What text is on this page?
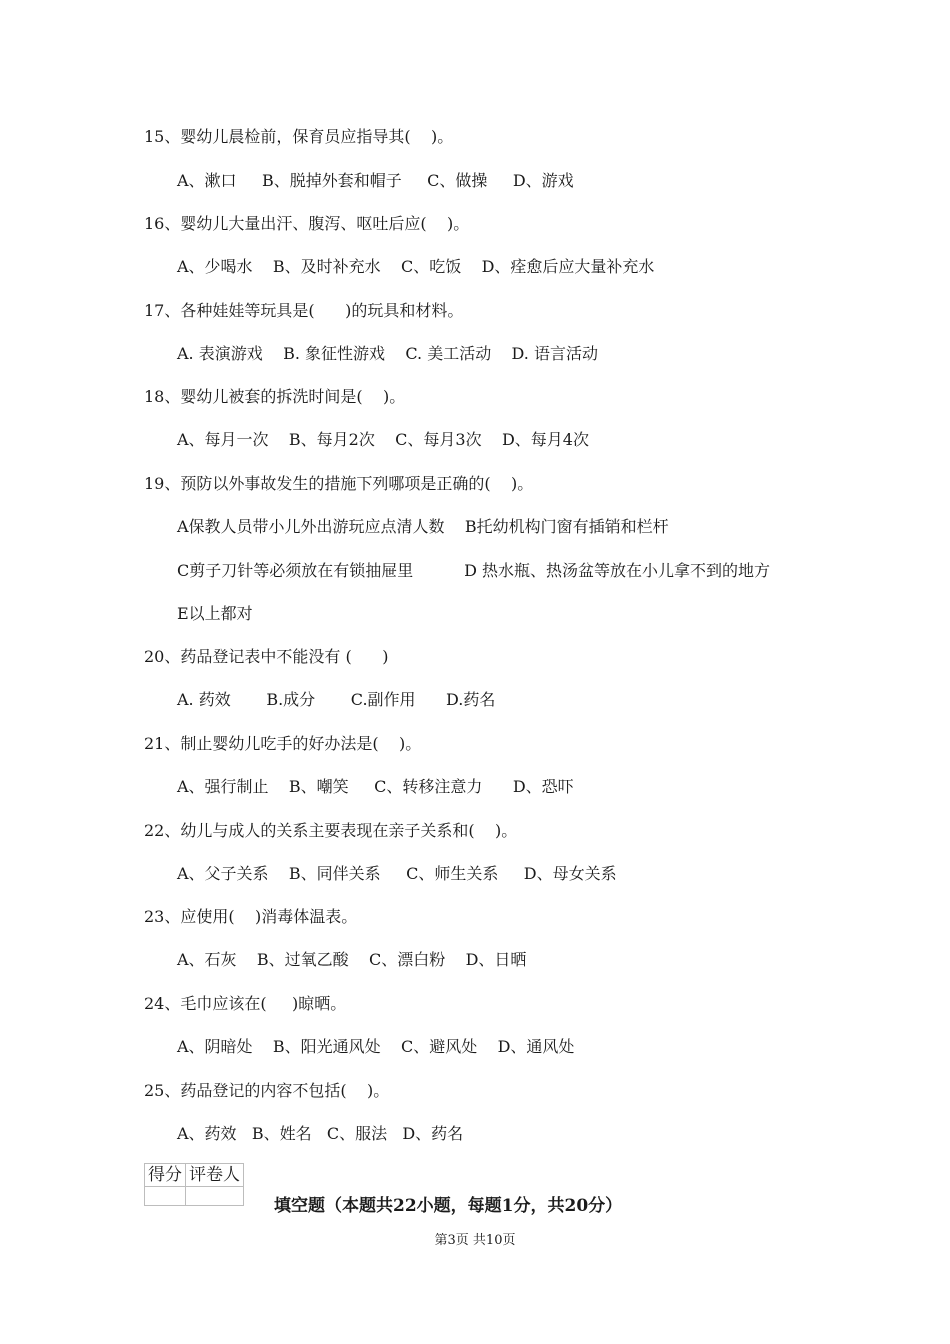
15、婴幼儿晨检前，保育员应指导其(    )。
A、漱口     B、脱掉外套和帽子     C、做操     D、游戏
16、婴幼儿大量出汗、腹泻、呕吐后应(    )。
A、少喝水    B、及时补充水    C、吃饭    D、痊愈后应大量补充水
17、各种娃娃等玩具是(      )的玩具和材料。
A. 表演游戏    B. 象征性游戏    C. 美工活动    D. 语言活动
18、婴幼儿被套的拆洗时间是(    )。
A、每月一次    B、每月2次    C、每月3次    D、每月4次
19、预防以外事故发生的措施下列哪项是正确的(    )。
A保教人员带小儿外出游玩应点清人数    B托幼机构门窗有插销和栏杆
C剪子刀针等必须放在有锁抽屉里          D 热水瓶、热汤盆等放在小儿拿不到的地方
E以上都对
20、药品登记表中不能没有 (      )
A. 药效       B.成分       C.副作用      D.药名
21、制止婴幼儿吃手的好办法是(    )。
A、强行制止    B、嘲笑     C、转移注意力      D、恐吓
22、幼儿与成人的关系主要表现在亲子关系和(    )。
A、父子关系    B、同伴关系     C、师生关系     D、母女关系
23、应使用(    )消毒体温表。
A、石灰    B、过氧乙酸    C、漂白粉    D、日晒
24、毛巾应该在(     )晾晒。
A、阴暗处    B、阳光通风处    C、避风处    D、通风处
25、药品登记的内容不包括(    )。
A、药效   B、姓名   C、服法   D、药名
得分	评卷人

填空题（本题共22小题，每题1分，共20分）
第3页 共10页
